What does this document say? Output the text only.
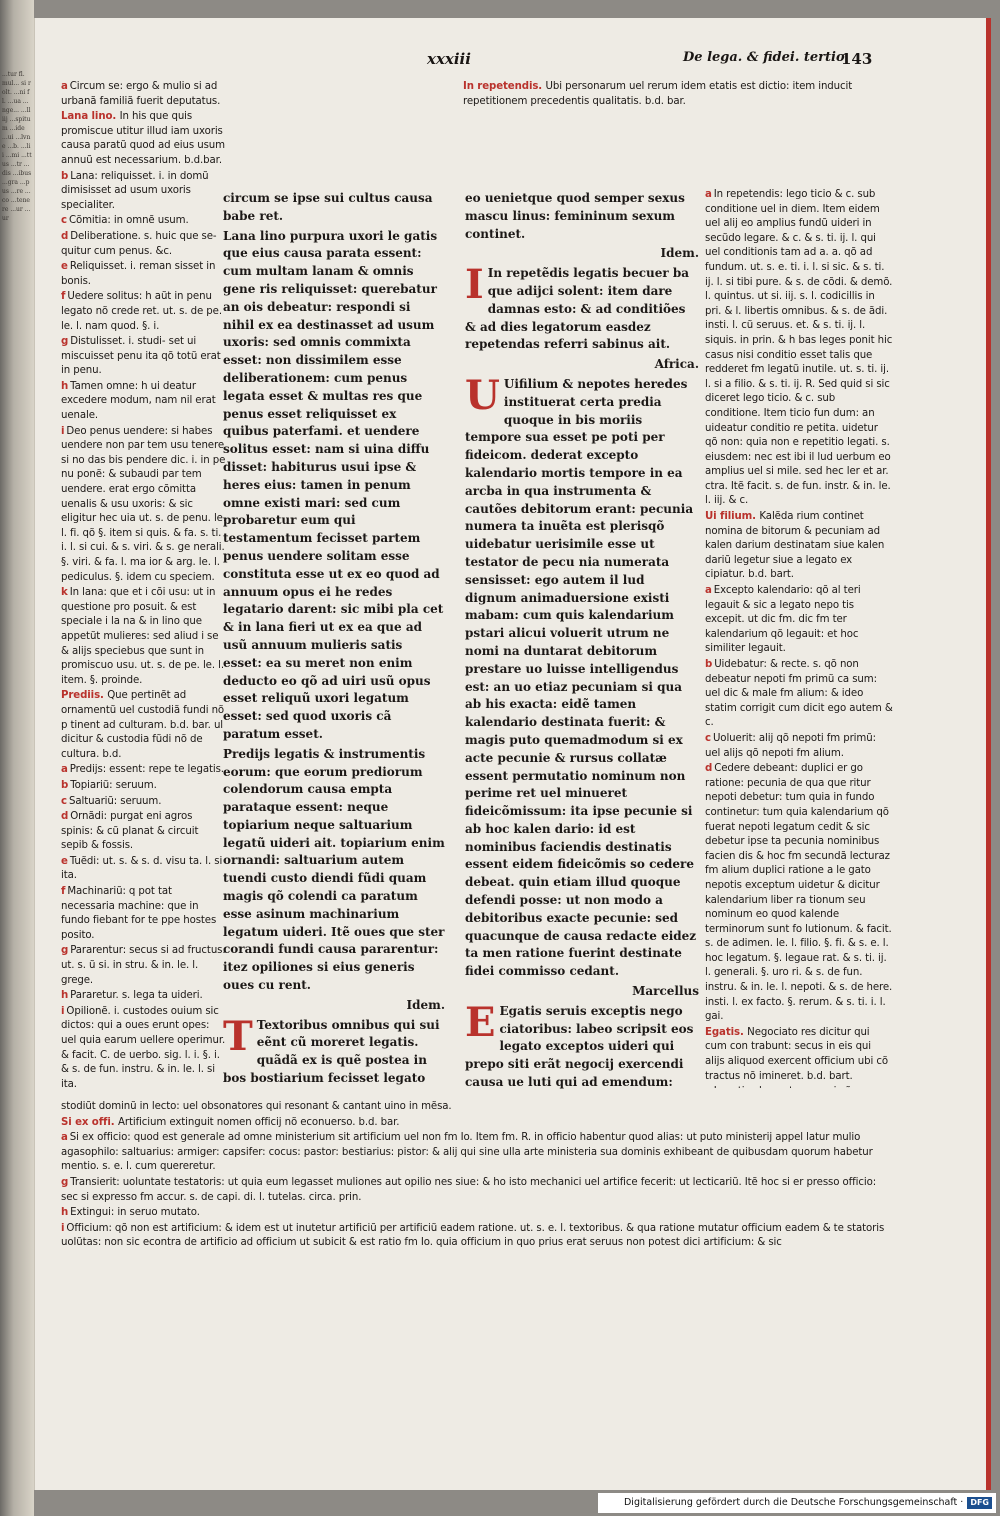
...tur fl. mul... si rolt. ...ni fl. ...ua ...nge... ...lliij ...spitum ...ide ...ui ...lvne ...b. ...lii ...mi ...ttus ...tr ...dis ...ibus ...gra ...pus ...re ...co ...tenere ...ur ...ur
xxxiii	De lega. & fidei. tertio
143
a Circum se: ergo & mulio si ad urbanã familiã fuerit deputatus.
Lana lino. In his que quis promiscue utitur illud iam uxoris causa paratũ quod ad eius usum annuũ est necessarium. b.d.bar.
b Lana: reliquisset. i. in domũ dimisisset ad usum uxoris specialiter.
c Cõmitia: in omnẽ usum.
d Deliberatione. s. huic que se- quitur cum penus. &c.
e Reliquisset. i. reman sisset in bonis.
f Uedere solitus: h aũt in penu legato nõ crede ret. ut. s. de pe. le. l. nam quod. §. i.
g Distulisset. i. studi- set ui miscuisset penu ita qõ totũ erat in penu.
h Tamen omne: h ui deatur excedere modum, nam nil erat uenale.
i Deo penus uendere: si habes uendere non par tem usu tenere si no das bis pendere dic. i. in pe nu ponẽ: & subaudi par tem uendere. erat ergo cõmitta uenalis & usu uxoris: & sic eligitur hec uia ut. s. de penu. le. l. fi. qõ §. item si quis. & fa. s. ti. i. l. si cui. & s. viri. & s. ge nerali. §. viri. & fa. l. ma ior & arg. le. l. pediculus. §. idem cu speciem.
k In lana: que et i cõi usu: ut in questione pro posuit. & est speciale i la na & in lino que appetũt mulieres: sed aliud i se & alijs speciebus que sunt in promiscuo usu. ut. s. de pe. le. l. item. §. proinde.
Prediis. Que pertinẽt ad ornamentũ uel custodiã fundi nõ p tinent ad culturam. b.d. bar. ul dicitur & custodia fũdi nõ de cultura. b.d.
a Predijs: essent: repe te legatis.
b Topiariũ: seruum.
c Saltuariũ: seruum.
d Ornãdi: purgat eni agros spinis: & cũ planat & circuit sepib & fossis.
e Tuẽdi: ut. s. & s. d. visu ta. l. si ita.
f Machinariũ: q pot tat necessaria machine: que in fundo fiebant for te ppe hostes posito.
g Pararentur: secus si ad fructus. ut. s. ũ si. in stru. & in. le. l. grege.
h Pararetur. s. lega ta uideri.
i Opilionẽ. i. custodes ouium sic dictos: qui a oues erunt opes: uel quia earum uellere operimur. & facit. C. de uerbo. sig. l. i. §. i. & s. de fun. instru. & in. le. l. si ita.
circum se ipse sui cultus causa babe ret.
Lana lino purpura uxori le gatis que eius causa parata essent: cum multam lanam & omnis gene ris reliquisset: querebatur an ois debeatur: respondi si nihil ex ea destinasset ad usum uxoris: sed omnis commixta esset: non dissimilem esse deliberationem: cum penus legata esset & multas res que penus esset reliquisset ex quibus paterfami. et uendere solitus esset: nam si uina diffu disset: habiturus usui ipse & heres eius: tamen in penum omne existi mari: sed cum probaretur eum qui testamentum fecisset partem penus uendere solitam esse constituta esse ut ex eo quod ad annuum opus ei he redes legatario darent: sic mibi pla cet & in lana fieri ut ex ea que ad usũ annuum mulieris satis esset: ea su meret non enim deducto eo qõ ad uiri usũ opus esset reliquũ uxori legatum esset: sed quod uxoris cã paratum esset.
Predijs legatis & instrumentis eorum: que eorum prediorum colendorum causa empta parataque essent: neque topiarium neque saltuarium legatũ uideri ait. topiarium enim ornandi: saltuarium autem tuendi custo diendi fũdi quam magis qõ colendi ca paratum esse asinum machinarium legatum uideri. Itẽ oues que ster corandi fundi causa pararentur: itez opiliones si eius generis oues cu rent.
Idem.
T Textoribus omnibus qui sui eẽnt cũ moreret legatis. quãdã ex is quẽ postea in bos bostiarium fecisset legato
eo uenietque quod semper sexus mascu linus: femininum sexum continet.
Idem.
I In repetẽdis legatis becuer ba que adijci solent: item dare damnas esto: & ad conditiões & ad dies legatorum easdez repetendas referri sabinus ait.
Africa.
U Uifilium & nepotes heredes instituerat certa predia quoque in bis moriis tempore sua esset pe poti per fideicom. dederat excepto kalendario mortis tempore in ea arcba in qua instrumenta & cautões debitorum erant: pecunia numera ta inuẽta est plerisqõ uidebatur uerisimile esse ut testator de pecu nia numerata sensisset: ego autem il lud dignum animaduersione existi mabam: cum quis kalendarium pstari alicui voluerit utrum ne nomi na duntarat debitorum prestare uo luisse intelligendus est: an uo etiaz pecuniam si qua ab his exacta: eidẽ tamen kalendario destinata fuerit: & magis puto quemadmodum si ex acte pecunie & rursus collatæ essent permutatio nominum non perime ret uel minueret fideicõmissum: ita ipse pecunie si ab hoc kalen dario: id est nominibus faciendis destinatis essent eidem fideicõmis so cedere debeat. quin etiam illud quoque defendi posse: ut non modo a debitoribus exacte pecunie: sed quacunque de causa redacte eidez ta men ratione fuerint destinate fidei commisso cedant.
Marcellus
E Egatis seruis exceptis nego ciatoribus: labeo scripsit eos legato exceptos uideri qui prepo siti erãt negocij exercendi causa ue luti qui ad emendum:
In repetendis. Ubi personarum uel rerum idem etatis est dictio: item inducit repetitionem precedentis qualitatis. b.d. bar.
a In repetendis: lego ticio & c. sub conditione uel in diem. Item eidem uel alij eo amplius fundũ uideri in secũdo legare. & c. & s. ti. ij. l. qui uel conditionis tam ad a. a. qõ ad fundum. ut. s. e. ti. i. l. si sic. & s. ti. ij. l. si tibi pure. & s. de cõdi. & demõ. l. quintus. ut si. iij. s. l. codicillis in pri. & l. libertis omnibus. & s. de ãdi. insti. l. cũ seruus. et. & s. ti. ij. l. siquis. in prin. & h bas leges ponit hic casus nisi conditio esset talis que redderet fm legatũ inutile. ut. s. ti. ij. l. si a filio. & s. ti. ij. R. Sed quid si sic diceret lego ticio. & c. sub conditione. Item ticio fun dum: an uideatur conditio re petita. uidetur qõ non: quia non e repetitio legati. s. eiusdem: nec est ibi il lud uerbum eo amplius uel si mile. sed hec ler et ar. ctra. Itẽ facit. s. de fun. instr. & in. le. l. iij. & c.
Ui filium. Kalẽda rium continet nomina de bitorum & pecuniam ad kalen darium destinatam siue kalen dariũ legetur siue a legato ex cipiatur. b.d. bart.
a Excepto kalendario: qõ al teri legauit & sic a legato nepo tis excepit. ut dic fm. dic fm ter kalendarium qõ legauit: et hoc similiter legauit.
b Uidebatur: & recte. s. qõ non debeatur nepoti fm primũ ca sum: uel dic & male fm alium: & ideo statim corrigit cum dicit ego autem & c.
c Uoluerit: alij qõ nepoti fm primũ: uel alijs qõ nepoti fm alium.
d Cedere debeant: duplici er go ratione: pecunia de qua que ritur nepoti debetur: tum quia in fundo continetur: tum quia kalendarium qõ fuerat nepoti legatum cedit & sic debetur ipse ta pecunia nominibus facien dis & hoc fm secundã lecturaz fm alium duplici ratione a le gato nepotis exceptum uidetur & dicitur kalendarium liber ra tionum seu nominum eo quod kalende terminorum sunt fo lutionum. & facit. s. de adimen. le. l. filio. §. fi. & s. e. l. hoc legatum. §. legaue rat. & s. ti. ij. l. generali. §. uro ri. & s. de fun. instru. & in. le. l. nepoti. & s. de here. insti. l. ex facto. §. rerum. & s. ti. i. l. gai.
Egatis. Negociato res dicitur qui cum con trabunt: secus in eis qui alijs aliquod exercent officium ubi cõ tractus nõ imineret. b.d. bart.
stodiũt dominũ in lecto: uel obsonatores qui resonant & cantant uino in mẽsa.
Si ex offi. Artificium extinguit nomen officij nõ econuerso. b.d. bar.
a Si ex officio: quod est generale ad omne ministerium sit artificium uel non fm Io. Item fm. R. in officio habentur quod alias: ut puto ministerij appel latur mulio agasophilo: saltuarius: armiger: capsifer: cocus: pastor: bestiarius: pistor: & alij qui sine ulla arte ministeria sua dominis exhibeant de quibusdam quorum habetur mentio. s. e. l. cum quereretur.
g Transierit: uoluntate testatoris: ut quia eum legasset muliones aut opilio nes siue: & ho isto mechanici uel artifice fecerit: ut lecticariũ. Itẽ hoc si er presso officio: sec si expresso fm accur. s. de capi. di. l. tutelas. circa. prin.
h Extingui: in seruo mutato.
i Officium: qõ non est artificium: & idem est ut inutetur artificiũ per artificiũ eadem ratione. ut. s. e. l. textoribus. & qua ratione mutatur officium eadem & te statoris uolũtas: non sic econtra de artificio ad officium ut subicit & est ratio fm Io. quia officium in quo prius erat seruus non potest dici artificium: & sic
Digitalisierung gefördert durch die Deutsche Forschungsgemeinschaft · DFG
